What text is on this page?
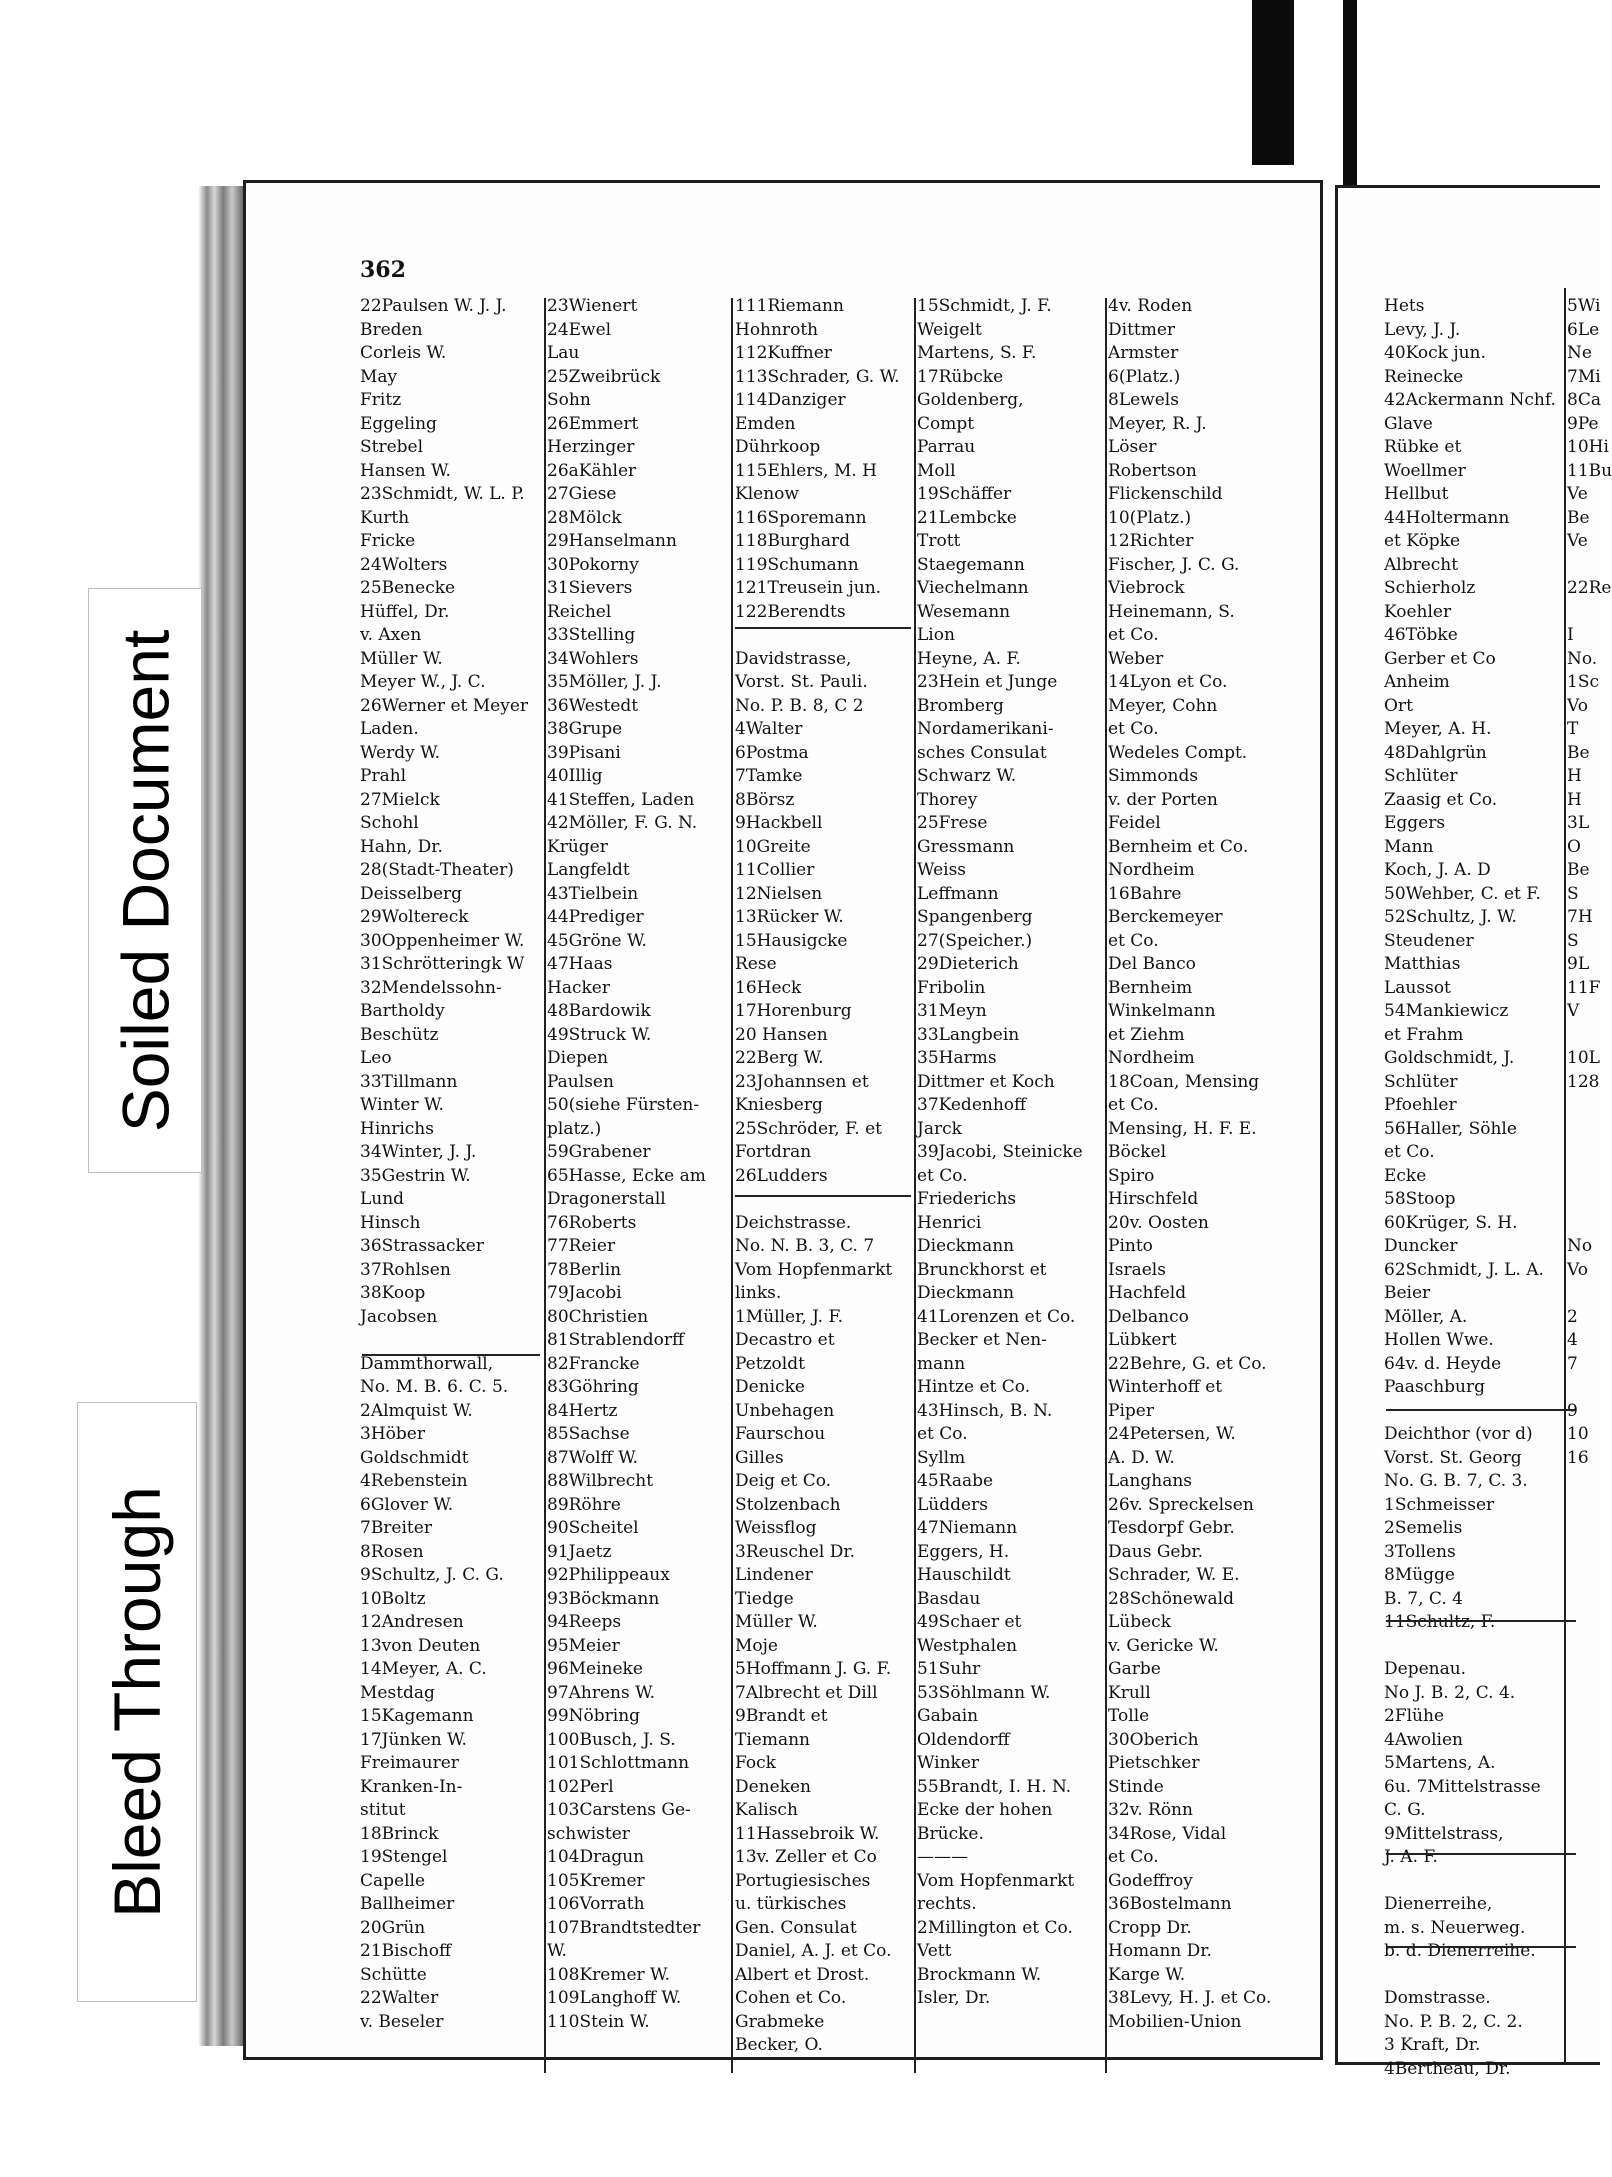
362
22Paulsen W. J. J.
Breden
Corleis W.
May
Fritz
Eggeling
Strebel
Hansen W.
23Schmidt, W. L. P.
Kurth
Fricke
24Wolters
25Benecke
Hüffel, Dr.
v. Axen
Müller W.
Meyer W., J. C.
26Werner et Meyer
Laden.
Werdy W.
Prahl
27Mielck
Schohl
Hahn, Dr.
28(Stadt-Theater)
Deisselberg
29Woltereck
30Oppenheimer W.
31Schrötteringk W
32Mendelssohn-
Bartholdy
Beschütz
Leo
33Tillmann
Winter W.
Hinrichs
34Winter, J. J.
35Gestrin W.
Lund
Hinsch
36Strassacker
37Rohlsen
38Koop
Jacobsen
Dammthorwall,
No. M. B. 6. C. 5.
2Almquist W.
3Höber
Goldschmidt
4Rebenstein
6Glover W.
7Breiter
8Rosen
9Schultz, J. C. G.
10Boltz
12Andresen
13von Deuten
14Meyer, A. C.
Mestdag
15Kagemann
17Jünken W.
Freimaurer
Kranken-In-
stitut
18Brinck
19Stengel
Capelle
Ballheimer
20Grün
21Bischoff
Schütte
22Walter
v. Beseler
23Wienert
24Ewel
Lau
25Zweibrück
Sohn
26Emmert
Herzinger
26aKähler
27Giese
28Mölck
29Hanselmann
30Pokorny
31Sievers
Reichel
33Stelling
34Wohlers
35Möller, J. J.
36Westedt
38Grupe
39Pisani
40Illig
41Steffen, Laden
42Möller, F. G. N.
Krüger
Langfeldt
43Tielbein
44Prediger
45Gröne W.
47Haas
Hacker
48Bardowik
49Struck W.
Diepen
Paulsen
50(siehe Fürsten-
platz.)
59Grabener
65Hasse, Ecke am
Dragonerstall
76Roberts
77Reier
78Berlin
79Jacobi
80Christien
81Strablendorff
82Francke
83Göhring
84Hertz
85Sachse
87Wolff W.
88Wilbrecht
89Röhre
90Scheitel
91Jaetz
92Philippeaux
93Böckmann
94Reeps
95Meier
96Meineke
97Ahrens W.
99Nöbring
100Busch, J. S.
101Schlottmann
102Perl
103Carstens Ge-
schwister
104Dragun
105Kremer
106Vorrath
107Brandtstedter
W.
108Kremer W.
109Langhoff W.
110Stein W.
111Riemann
Hohnroth
112Kuffner
113Schrader, G. W.
114Danziger
Emden
Dührkoop
115Ehlers, M. H
Klenow
116Sporemann
118Burghard
119Schumann
121Treusein jun.
122Berendts
Davidstrasse,
Vorst. St. Pauli.
No. P. B. 8, C 2
4Walter
6Postma
7Tamke
8Börsz
9Hackbell
10Greite
11Collier
12Nielsen
13Rücker W.
15Hausigcke
Rese
16Heck
17Horenburg
20 Hansen
22Berg W.
23Johannsen et
Kniesberg
25Schröder, F. et
Fortdran
26Ludders
Deichstrasse.
No. N. B. 3, C. 7
Vom Hopfenmarkt
links.
1Müller, J. F.
Decastro et
Petzoldt
Denicke
Unbehagen
Faurschou
Gilles
Deig et Co.
Stolzenbach
Weissflog
3Reuschel Dr.
Lindener
Tiedge
Müller W.
Moje
5Hoffmann J. G. F.
7Albrecht et Dill
9Brandt et
Tiemann
Fock
Deneken
Kalisch
11Hassebroik W.
13v. Zeller et Co
Portugiesisches
u. türkisches
Gen. Consulat
Daniel, A. J. et Co.
Albert et Drost.
Cohen et Co.
Grabmeke
Becker, O.
15Schmidt, J. F.
Weigelt
Martens, S. F.
17Rübcke
Goldenberg,
Compt
Parrau
Moll
19Schäffer
21Lembcke
Trott
Staegemann
Viechelmann
Wesemann
Lion
Heyne, A. F.
23Hein et Junge
Bromberg
Nordamerikani-
sches Consulat
Schwarz W.
Thorey
25Frese
Gressmann
Weiss
Leffmann
Spangenberg
27(Speicher.)
29Dieterich
Fribolin
31Meyn
33Langbein
35Harms
Dittmer et Koch
37Kedenhoff
Jarck
39Jacobi, Steinicke
et Co.
Friederichs
Henrici
Dieckmann
Brunckhorst et
Dieckmann
41Lorenzen et Co.
Becker et Nen-
mann
Hintze et Co.
43Hinsch, B. N.
et Co.
Syllm
45Raabe
Lüdders
47Niemann
Eggers, H.
Hauschildt
Basdau
49Schaer et
Westphalen
51Suhr
53Söhlmann W.
Gabain
Oldendorff
Winker
55Brandt, I. H. N.
Ecke der hohen
Brücke.
———
Vom Hopfenmarkt
rechts.
2Millington et Co.
Vett
Brockmann W.
Isler, Dr.
4v. Roden
Dittmer
Armster
6(Platz.)
8Lewels
Meyer, R. J.
Löser
Robertson
Flickenschild
10(Platz.)
12Richter
Fischer, J. C. G.
Viebrock
Heinemann, S.
et Co.
Weber
14Lyon et Co.
Meyer, Cohn
et Co.
Wedeles Compt.
Simmonds
v. der Porten
Feidel
Bernheim et Co.
Nordheim
16Bahre
Berckemeyer
et Co.
Del Banco
Bernheim
Winkelmann
et Ziehm
Nordheim
18Coan, Mensing
et Co.
Mensing, H. F. E.
Böckel
Spiro
Hirschfeld
20v. Oosten
Pinto
Israels
Hachfeld
Delbanco
Lübkert
22Behre, G. et Co.
Winterhoff et
Piper
24Petersen, W.
A. D. W.
Langhans
26v. Spreckelsen
Tesdorpf Gebr.
Daus Gebr.
Schrader, W. E.
28Schönewald
Lübeck
v. Gericke W.
Garbe
Krull
Tolle
30Oberich
Pietschker
Stinde
32v. Rönn
34Rose, Vidal
et Co.
Godeffroy
36Bostelmann
Cropp Dr.
Homann Dr.
Karge W.
38Levy, H. J. et Co.
Mobilien-Union
Hets
Levy, J. J.
40Kock jun.
Reinecke
42Ackermann Nchf.
Glave
Rübke et
Woellmer
Hellbut
44Holtermann
et Köpke
Albrecht
Schierholz
Koehler
46Töbke
Gerber et Co
Anheim
Ort
Meyer, A. H.
48Dahlgrün
Schlüter
Zaasig et Co.
Eggers
Mann
Koch, J. A. D
50Wehber, C. et F.
52Schultz, J. W.
Steudener
Matthias
Laussot
54Mankiewicz
et Frahm
Goldschmidt, J.
Schlüter
Pfoehler
56Haller, Söhle
et Co.
Ecke
58Stoop
60Krüger, S. H.
Duncker
62Schmidt, J. L. A.
Beier
Möller, A.
Hollen Wwe.
64v. d. Heyde
Paaschburg
Deichthor (vor d)
Vorst. St. Georg
No. G. B. 7, C. 3.
1Schmeisser
2Semelis
3Tollens
8Mügge
B. 7, C. 4
11Schultz, F.
Depenau.
No J. B. 2, C. 4.
2Flühe
4Awolien
5Martens, A.
6u. 7Mittelstrasse
C. G.
9Mittelstrass,
J. A. F.
Dienerreihe,
m. s. Neuerweg.
b. d. Dienerreihe.
Domstrasse.
No. P. B. 2, C. 2.
3 Kraft, Dr.
4Bertheau, Dr.
5Wi
6Le
Ne
7Mi
8Ca
9Pe
10Hi
11Bu
Ve
Be
Ve
22Re
I
No.
1Sc
Vo
T
Be
H
H
3L
O
Be
S
7H
S
9L
11F
V
10L
128
No
Vo
2
4
7
9
10
16
Soiled Document
Bleed Through
